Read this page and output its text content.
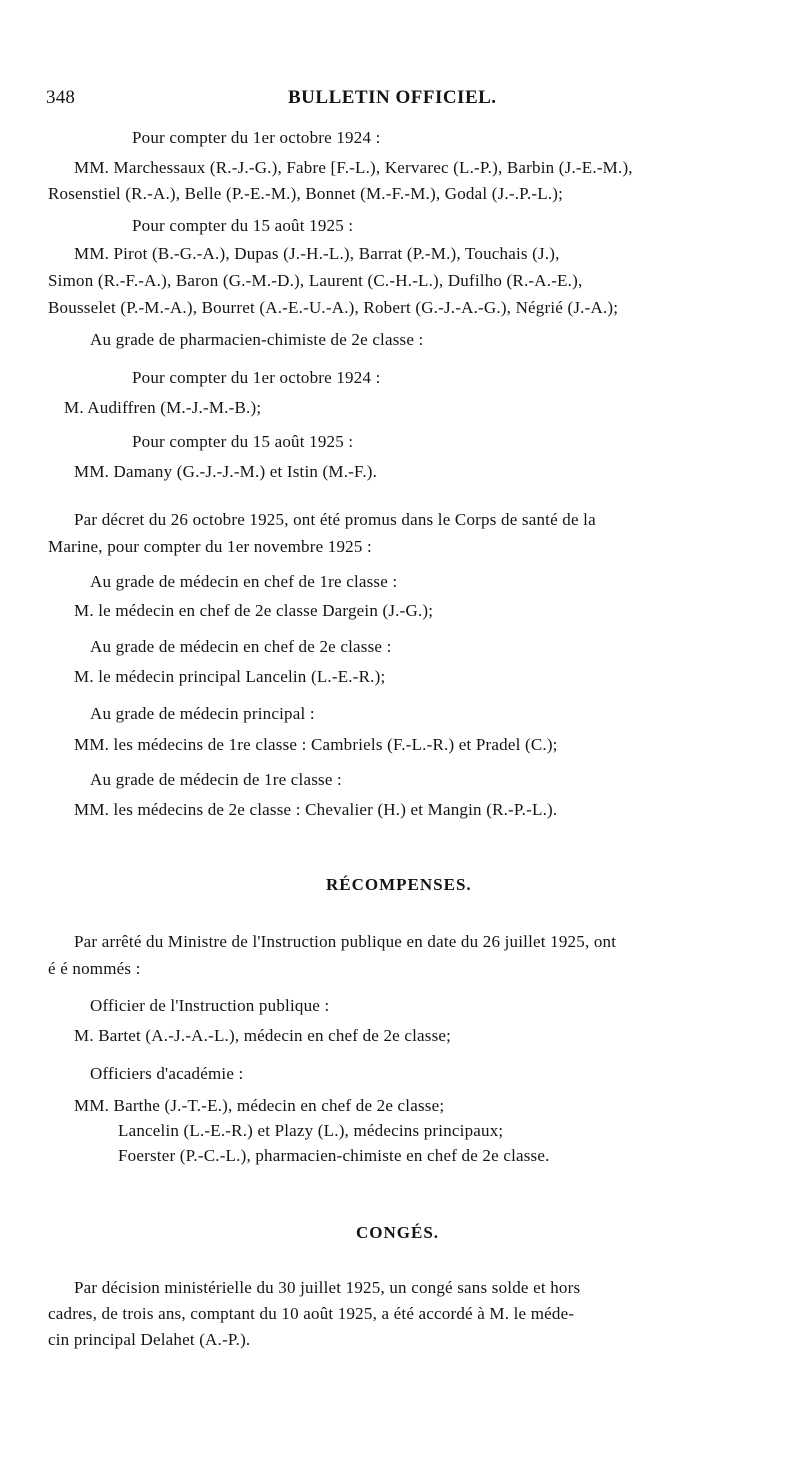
348	BULLETIN OFFICIEL.
Pour compter du 1er octobre 1924 :
MM. Marchessaux (R.-J.-G.), Fabre [F.-L.), Kervarec (L.-P.), Barbin (J.-E.-M.),
Rosenstiel (R.-A.), Belle (P.-E.-M.), Bonnet (M.-F.-M.), Godal (J.-.P.-L.);
Pour compter du 15 août 1925 :
MM. Pirot (B.-G.-A.), Dupas (J.-H.-L.), Barrat (P.-M.), Touchais (J.),
Simon (R.-F.-A.), Baron (G.-M.-D.), Laurent (C.-H.-L.), Dufilho (R.-A.-E.),
Bousselet (P.-M.-A.), Bourret (A.-E.-U.-A.), Robert (G.-J.-A.-G.), Négrié (J.-A.);
Au grade de pharmacien-chimiste de 2e classe :
Pour compter du 1er octobre 1924 :
M. Audiffren (M.-J.-M.-B.);
Pour compter du 15 août 1925 :
MM. Damany (G.-J.-J.-M.) et Istin (M.-F.).
Par décret du 26 octobre 1925, ont été promus dans le Corps de santé de la
Marine, pour compter du 1er novembre 1925 :
Au grade de médecin en chef de 1re classe :
M. le médecin en chef de 2e classe Dargein (J.-G.);
Au grade de médecin en chef de 2e classe :
M. le médecin principal Lancelin (L.-E.-R.);
Au grade de médecin principal :
MM. les médecins de 1re classe : Cambriels (F.-L.-R.) et Pradel (C.);
Au grade de médecin de 1re classe :
MM. les médecins de 2e classe : Chevalier (H.) et Mangin (R.-P.-L.).
RÉCOMPENSES.
Par arrêté du Ministre de l'Instruction publique en date du 26 juillet 1925, ont
é é nommés :
Officier de l'Instruction publique :
M. Bartet (A.-J.-A.-L.), médecin en chef de 2e classe;
Officiers d'académie :
MM. Barthe (J.-T.-E.), médecin en chef de 2e classe;
Lancelin (L.-E.-R.) et Plazy (L.), médecins principaux;
Foerster (P.-C.-L.), pharmacien-chimiste en chef de 2e classe.
CONGÉS.
Par décision ministérielle du 30 juillet 1925, un congé sans solde et hors
cadres, de trois ans, comptant du 10 août 1925, a été accordé à M. le méde-
cin principal Delahet (A.-P.).
